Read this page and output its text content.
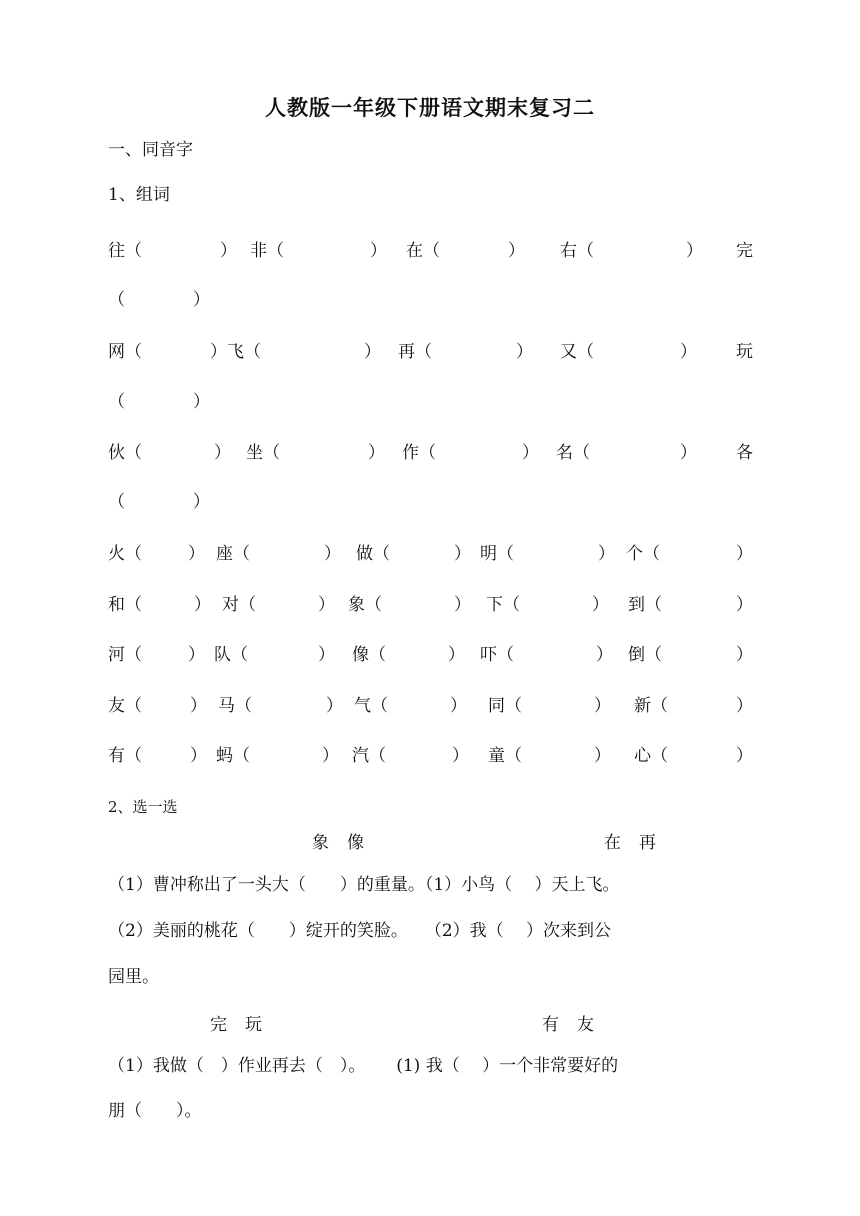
人教版一年级下册语文期末复习二
一、同音字
1、组词
往（	） 非（	） 在（	） 右（	） 完
（　　　　）
网（	）飞（	） 再（	） 又（	） 玩
（　　　　）
伙（	） 坐（	） 作（	） 名（	） 各
（　　　　）
火（	） 座（	） 做（	） 明（	） 个（	）
和（	） 对（	） 象（	） 下（	） 到（	）
河（	） 队（	） 像（	） 吓（	） 倒（	）
友（	） 马（	） 气（	） 同（	） 新（	）
有（	） 蚂（	） 汽（	） 童（	） 心（	）
2、选一选
象像	在再
（1）曹冲称出了一头大（　　）的重量。（1）小鸟（　 ）天上飞。
（2）美丽的桃花（　　）绽开的笑脸。　　（2）我（　 ）次来到公
园里。
完玩	有友
（1）我做（　）作业再去（　）。　　 (1) 我（　 ）一个非常要好的
朋（　　）。
